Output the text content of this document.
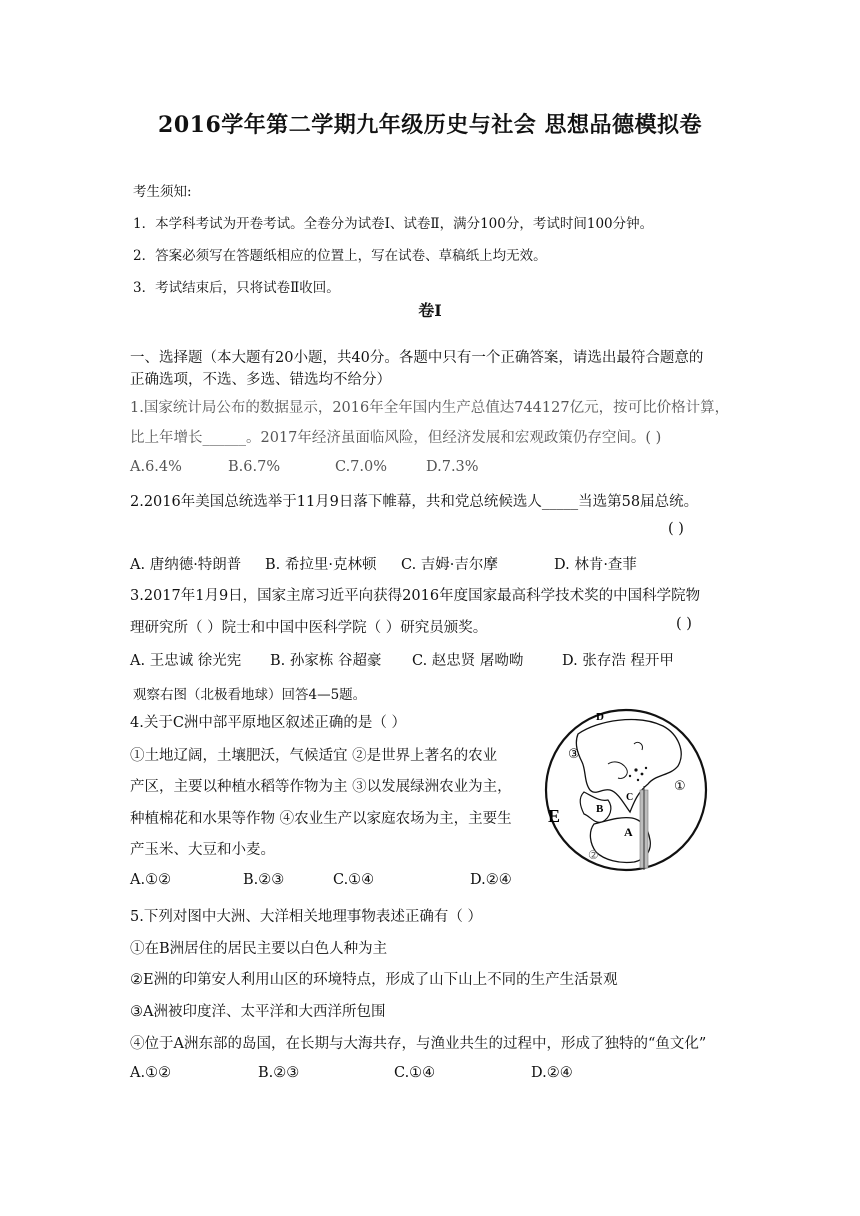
2016学年第二学期九年级历史与社会 思想品德模拟卷
考生须知:
1．本学科考试为开卷考试。全卷分为试卷Ⅰ、试卷Ⅱ，满分100分，考试时间100分钟。
2．答案必须写在答题纸相应的位置上，写在试卷、草稿纸上均无效。
3．考试结束后，只将试卷Ⅱ收回。
卷Ⅰ
一、选择题（本大题有20小题，共40分。各题中只有一个正确答案，请选出最符合题意的
正确选项，不选、多选、错选均不给分）
1.国家统计局公布的数据显示，2016年全年国内生产总值达744127亿元，按可比价格计算，
比上年增长______。2017年经济虽面临风险，但经济发展和宏观政策仍存空间。( )
A.6.4%	B.6.7%	C.7.0%	D.7.3%
2.2016年美国总统选举于11月9日落下帷幕，共和党总统候选人_____当选第58届总统。
( )
A. 唐纳德·特朗普 B. 希拉里·克林顿 C. 吉姆·吉尔摩	D. 林肯·查菲
3.2017年1月9日，国家主席习近平向获得2016年度国家最高科学技术奖的中国科学院物
理研究所（ ）院士和中国中医科学院（ ）研究员颁奖。	( )
A. 王忠诚 徐光宪 B. 孙家栋 谷超豪 C. 赵忠贤 屠呦呦	D. 张存浩 程开甲
观察右图（北极看地球）回答4—5题。
4.关于C洲中部平原地区叙述正确的是（ ）
①土地辽阔，土壤肥沃，气候适宜 ②是世界上著名的农业
产区，主要以种植水稻等作物为主 ③以发展绿洲农业为主，
种植棉花和水果等作物 ④农业生产以家庭农场为主，主要生
产玉米、大豆和小麦。
A.①②	B.②③	C.①④	D.②④
D
③
①
C
B
E
A
②
5.下列对图中大洲、大洋相关地理事物表述正确有（ ）
①在B洲居住的居民主要以白色人种为主
②E洲的印第安人利用山区的环境特点，形成了山下山上不同的生产生活景观
③A洲被印度洋、太平洋和大西洋所包围
④位于A洲东部的岛国，在长期与大海共存，与渔业共生的过程中，形成了独特的“鱼文化”
A.①②	B.②③	C.①④	D.②④
